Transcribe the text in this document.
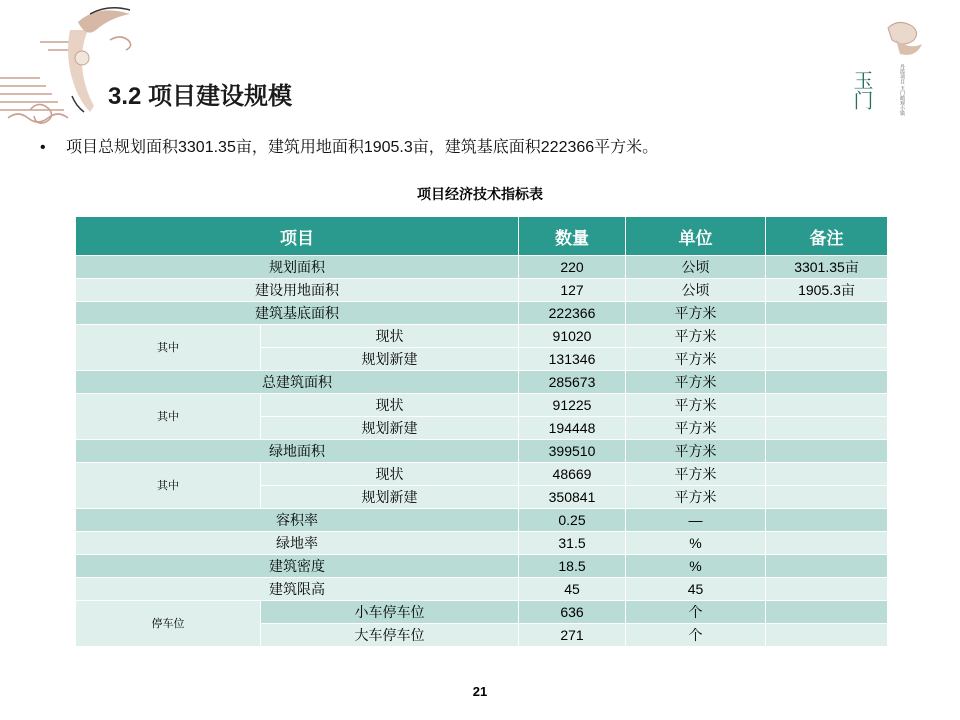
玉门	丹霞项目 玉门鹤观小镇
3.2 项目建设规模
• 项目总规划面积3301.35亩，建筑用地面积1905.3亩，建筑基底面积222366平方米。
项目经济技术指标表
项目		数量	单位	备注
规划面积		220	公顷	3301.35亩
建设用地面积		127	公顷	1905.3亩
建筑基底面积		222366	平方米	
其中	现状	91020	平方米	
	规划新建	131346	平方米	
总建筑面积		285673	平方米	
其中	现状	91225	平方米	
	规划新建	194448	平方米	
绿地面积		399510	平方米	
其中	现状	48669	平方米	
	规划新建	350841	平方米	
容积率		0.25	—	
绿地率		31.5	%	
建筑密度		18.5	%	
建筑限高		45	45	
停车位	小车停车位	636	个	
	大车停车位	271	个	
21
